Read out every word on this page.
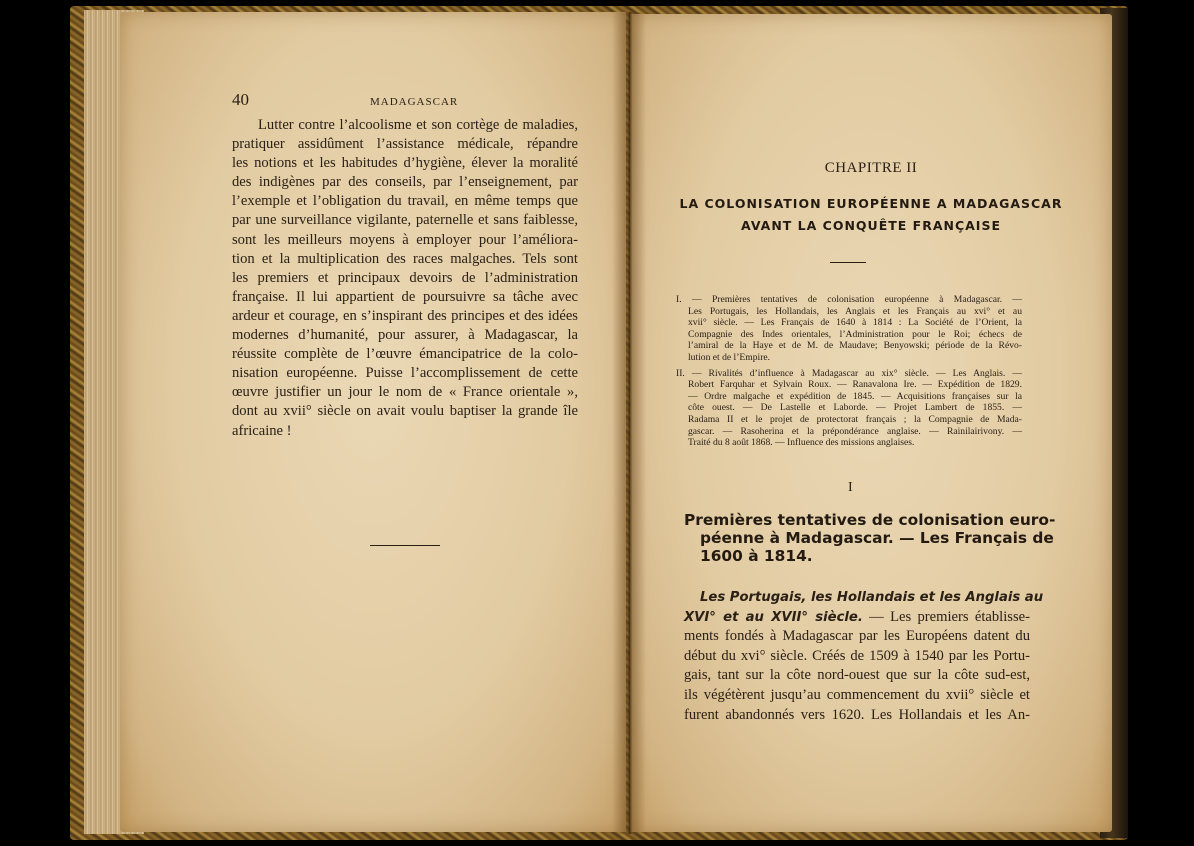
40	MADAGASCAR
Lutter contre l’alcoolisme et son cortège de maladies,
pratiquer assidûment l’assistance médicale, répandre
les notions et les habitudes d’hygiène, élever la moralité
des indigènes par des conseils, par l’enseignement, par
l’exemple et l’obligation du travail, en même temps que
par une surveillance vigilante, paternelle et sans faiblesse,
sont les meilleurs moyens à employer pour l’améliora-
tion et la multiplication des races malgaches. Tels sont
les premiers et principaux devoirs de l’administration
française. Il lui appartient de poursuivre sa tâche avec
ardeur et courage, en s’inspirant des principes et des idées
modernes d’humanité, pour assurer, à Madagascar, la
réussite complète de l’œuvre émancipatrice de la colo-
nisation européenne. Puisse l’accomplissement de cette
œuvre justifier un jour le nom de « France orientale »,
dont au xvii° siècle on avait voulu baptiser la grande île
africaine !
CHAPITRE II
LA COLONISATION EUROPÉENNE A MADAGASCAR
AVANT LA CONQUÊTE FRANÇAISE
I. — Premières tentatives de colonisation européenne à Madagascar. —
Les Portugais, les Hollandais, les Anglais et les Français au xvi° et au
xvii° siècle. — Les Français de 1640 à 1814 : La Société de l’Orient, la
Compagnie des Indes orientales, l’Administration pour le Roi; échecs de
l’amiral de la Haye et de M. de Maudave; Benyowski; période de la Révo-
lution et de l’Empire.
II. — Rivalités d’influence à Madagascar au xix° siècle. — Les Anglais. —
Robert Farquhar et Sylvain Roux. — Ranavalona Ire. — Expédition de 1829.
— Ordre malgache et expédition de 1845. — Acquisitions françaises sur la
côte ouest. — De Lastelle et Laborde. — Projet Lambert de 1855. —
Radama II et le projet de protectorat français ; la Compagnie de Mada-
gascar. — Rasoherina et la prépondérance anglaise. — Rainilairivony. —
Traité du 8 août 1868. — Influence des missions anglaises.
I
Premières tentatives de colonisation euro-
péenne à Madagascar. — Les Français de
1600 à 1814.
Les Portugais, les Hollandais et les Anglais au
XVI° et au XVII° siècle. — Les premiers établisse-
ments fondés à Madagascar par les Européens datent du
début du xvi° siècle. Créés de 1509 à 1540 par les Portu-
gais, tant sur la côte nord-ouest que sur la côte sud-est,
ils végétèrent jusqu’au commencement du xvii° siècle et
furent abandonnés vers 1620. Les Hollandais et les An-
